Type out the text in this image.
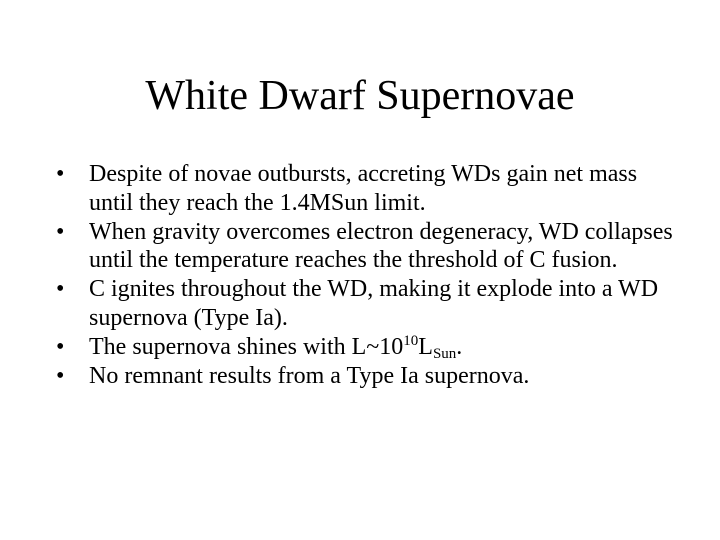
White Dwarf Supernovae
•	Despite of novae outbursts, accreting WDs gain net mass until they reach the 1.4MSun limit.
•	When gravity overcomes electron degeneracy, WD collapses until the temperature reaches the threshold of C fusion.
•	C ignites throughout the WD, making it explode into a WD supernova (Type Ia).
•	The supernova shines with $L\sim 10^{10}L_{Sun}$.
•	No remnant results from a Type Ia supernova.
